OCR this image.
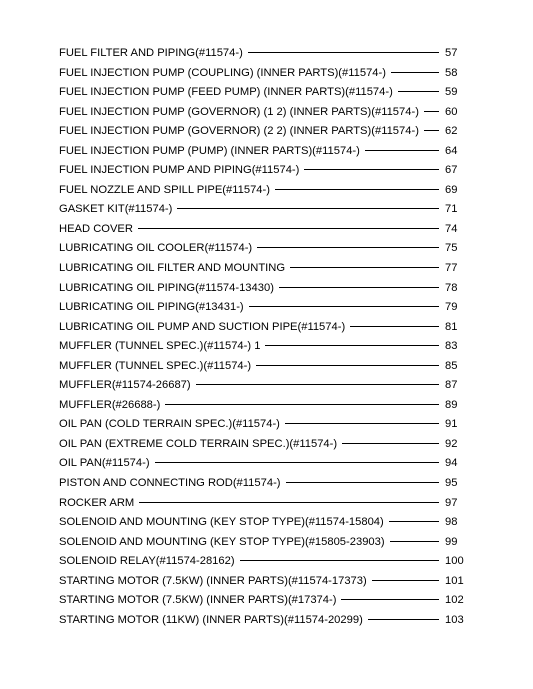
FUEL FILTER AND PIPING(#11574-)	57
FUEL INJECTION PUMP (COUPLING) (INNER PARTS)(#11574-)	58
FUEL INJECTION PUMP (FEED PUMP) (INNER PARTS)(#11574-)	59
FUEL INJECTION PUMP (GOVERNOR) (1 2) (INNER PARTS)(#11574-) 60
FUEL INJECTION PUMP (GOVERNOR) (2 2) (INNER PARTS)(#11574-) 62
FUEL INJECTION PUMP (PUMP) (INNER PARTS)(#11574-)	64
FUEL INJECTION PUMP AND PIPING(#11574-)	67
FUEL NOZZLE AND SPILL PIPE(#11574-)	69
GASKET KIT(#11574-)	71
HEAD COVER	74
LUBRICATING OIL COOLER(#11574-)	75
LUBRICATING OIL FILTER AND MOUNTING	77
LUBRICATING OIL PIPING(#11574-13430)	78
LUBRICATING OIL PIPING(#13431-)	79
LUBRICATING OIL PUMP AND SUCTION PIPE(#11574-)	81
MUFFLER (TUNNEL SPEC.)(#11574-) 1	83
MUFFLER (TUNNEL SPEC.)(#11574-)	85
MUFFLER(#11574-26687)	87
MUFFLER(#26688-)	89
OIL PAN (COLD TERRAIN SPEC.)(#11574-)	91
OIL PAN (EXTREME COLD TERRAIN SPEC.)(#11574-)	92
OIL PAN(#11574-)	94
PISTON AND CONNECTING ROD(#11574-)	95
ROCKER ARM	97
SOLENOID AND MOUNTING (KEY STOP TYPE)(#11574-15804)	98
SOLENOID AND MOUNTING (KEY STOP TYPE)(#15805-23903)	99
SOLENOID RELAY(#11574-28162)	100
STARTING MOTOR (7.5KW) (INNER PARTS)(#11574-17373)	101
STARTING MOTOR (7.5KW) (INNER PARTS)(#17374-)	102
STARTING MOTOR (11KW) (INNER PARTS)(#11574-20299)	103
